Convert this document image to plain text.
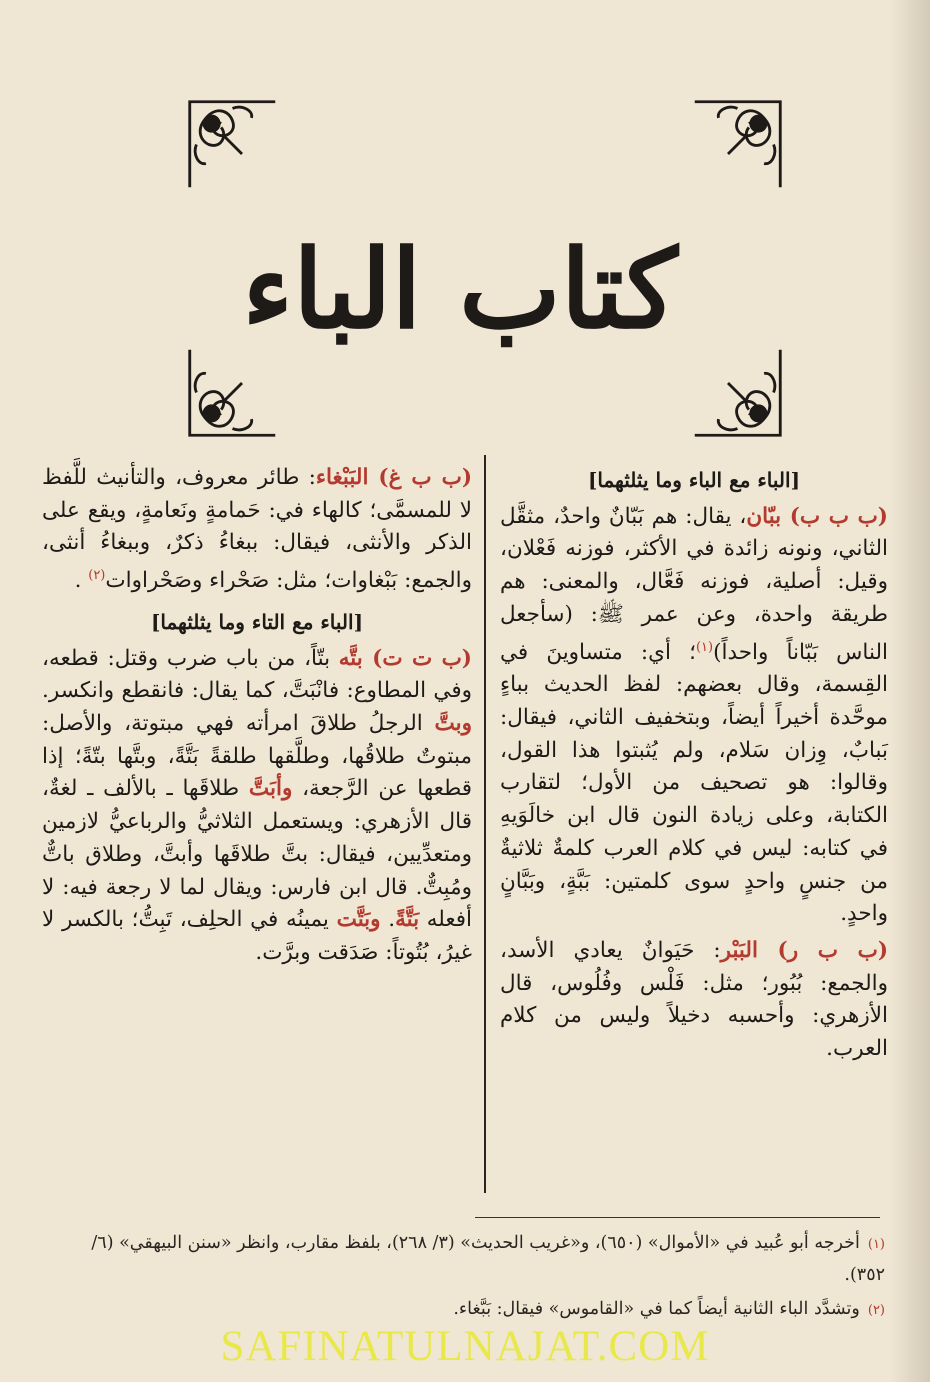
كتاب الباء
[الباء مع الباء وما يثلثهما]

(ب ب ب) ببّان، يقال: هم بَبّانٌ واحدٌ، مثقَّل الثاني، ونونه زائدة في الأكثر، فوزنه فَعْلان، وقيل: أصلية، فوزنه فَعَّال، والمعنى: هم طريقة واحدة، وعن عمر ﷺ: (سأجعل الناس بَبّاناً واحداً)$^{(١)}$؛ أي: متساوينَ في القِسمة، وقال بعضهم: لفظ الحديث بباءٍ موحَّدة أخيراً أيضاً، وبتخفيف الثاني، فيقال: بَبابٌ، وِزان سَلام، ولم يُثبتوا هذا القول، وقالوا: هو تصحيف من الأول؛ لتقارب الكتابة، وعلى زيادة النون قال ابن خالَوَيهِ في كتابه: ليس في كلام العرب كلمةٌ ثلاثيةٌ من جنسٍ واحدٍ سوى كلمتين: بَبَّةٍ، وبَبَّانٍ واحدٍ.

(ب ب ر) البَبْر: حَيَوانٌ يعادي الأسد، والجمع: بُبُور؛ مثل: فَلْس وفُلُوس، قال الأزهري: وأحسبه دخيلاً وليس من كلام العرب.

(ب ب غ) البَبْغاء: طائر معروف، والتأنيث للَّفظ لا للمسمَّى؛ كالهاء في: حَمامةٍ ونَعامةٍ، ويقع على الذكر والأنثى، فيقال: ببغاءُ ذكرٌ، وببغاءُ أنثى، والجمع: بَبْغاوات؛ مثل: صَحْراء وصَحْراوات$^{(٢)}$ .

[الباء مع التاء وما يثلثهما]

(ب ت ت) بتَّه بتّاً، من باب ضرب وقتل: قطعه، وفي المطاوع: فانْبَتَّ، كما يقال: فانقطع وانكسر. وبتَّ الرجلُ طلاقَ امرأته فهي مبتوتة، والأصل: مبتوتٌ طلاقُها، وطلَّقها طلقةً بَتَّةً، وبتَّها بتّةً؛ إذا قطعها عن الرَّجعة، وأبَتَّ طلاقَها ـ بالألف ـ لغةٌ، قال الأزهري: ويستعمل الثلاثيُّ والرباعيُّ لازمين ومتعدِّيين، فيقال: بتَّ طلاقَها وأبتَّ، وطلاق باتٌّ ومُبِتٌّ. قال ابن فارس: ويقال لما لا رجعة فيه: لا أفعله بَتَّةً. وبَتَّت يمينُه في الحلِف، تَبِتُّ؛ بالكسر لا غيرُ، بُتُوتاً: صَدَقت وبرَّت.

(١)أخرجه أبو عُبيد في «الأموال» (٦٥٠)، و«غريب الحديث» (٣/ ٢٦٨)، بلفظ مقارب، وانظر «سنن البيهقي» (٦/ ٣٥٢).

(٢)وتشدَّد الباء الثانية أيضاً كما في «القاموس» فيقال: بَبَّغاء.

SAFINATULNAJAT.COM
